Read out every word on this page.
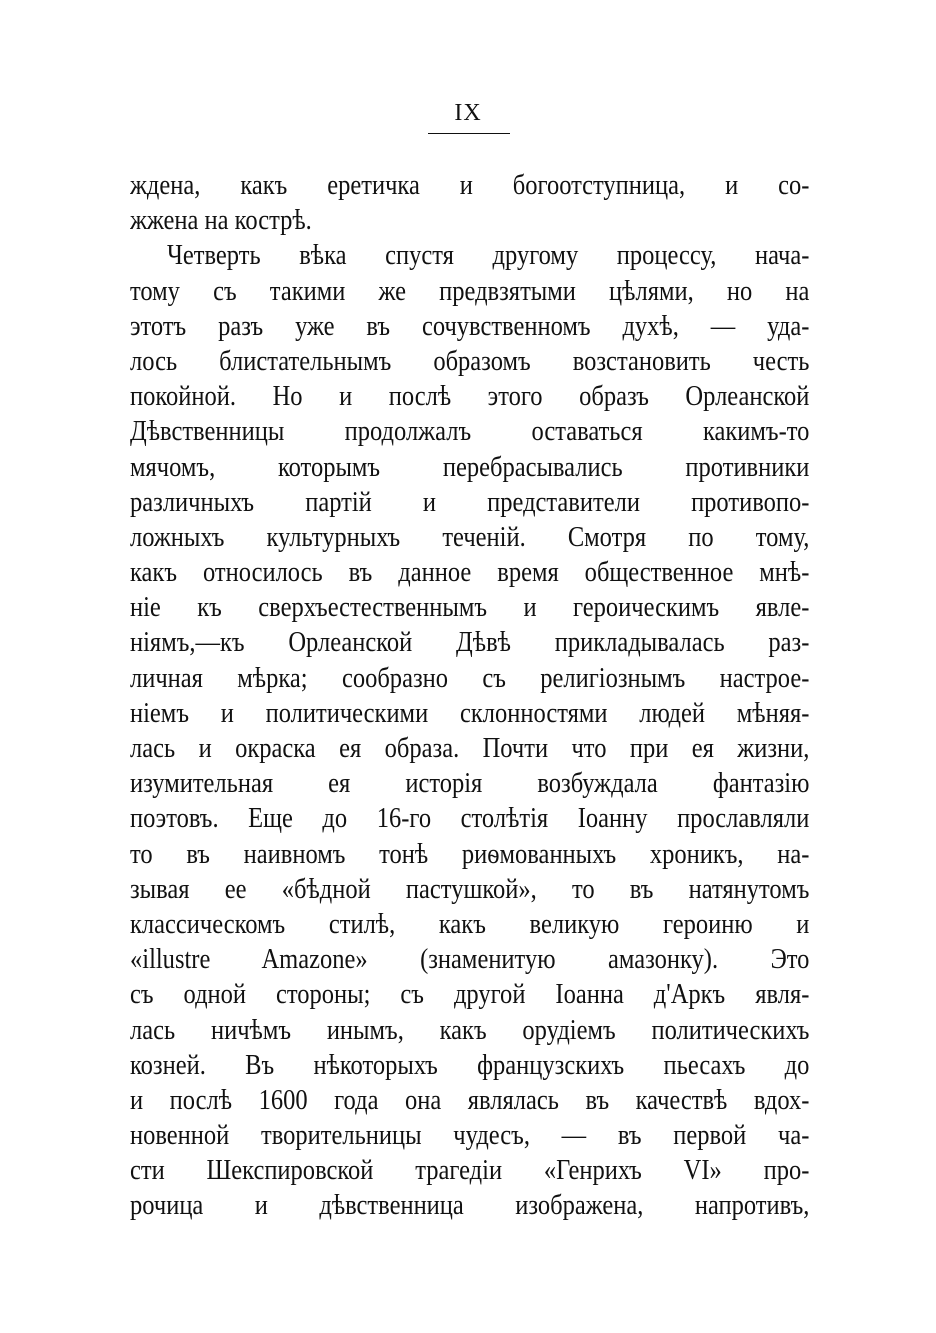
IX
ждена, какъ еретичка и богоотступница, и со-
жжена на кострѣ.
Четверть вѣка спустя другому процессу, нача-
тому съ такими же предвзятыми цѣлями, но на
этотъ разъ уже въ сочувственномъ духѣ, — уда-
лось блистательнымъ образомъ возстановить честь
покойной. Но и послѣ этого образъ Орлеанской
Дѣвственницы продолжалъ оставаться какимъ-то
мячомъ, которымъ перебрасывались противники
различныхъ партій и представители противопо-
ложныхъ культурныхъ теченій. Смотря по тому,
какъ относилось въ данное время общественное мнѣ-
ніе къ сверхъестественнымъ и героическимъ явле-
ніямъ,—къ Орлеанской Дѣвѣ прикладывалась раз-
личная мѣрка; сообразно съ религіознымъ настрое-
ніемъ и политическими склонностями людей мѣняя-
лась и окраска ея образа. Почти что при ея жизни,
изумительная ея исторія возбуждала фантазію
поэтовъ. Еще до 16-го столѣтія Іоанну прославляли
то въ наивномъ тонѣ риѳмованныхъ хроникъ, на-
зывая ее «бѣдной пастушкой», то въ натянутомъ
классическомъ стилѣ, какъ великую героиню и
«illustre Amazone» (знаменитую амазонку). Это
съ одной стороны; съ другой Іоанна д'Аркъ явля-
лась ничѣмъ инымъ, какъ орудіемъ политическихъ
козней. Въ нѣкоторыхъ французскихъ пьесахъ до
и послѣ 1600 года она являлась въ качествѣ вдох-
новенной творительницы чудесъ, — въ первой ча-
сти Шекспировской трагедіи «Генрихъ VI» про-
рочица и дѣвственница изображена, напротивъ,
